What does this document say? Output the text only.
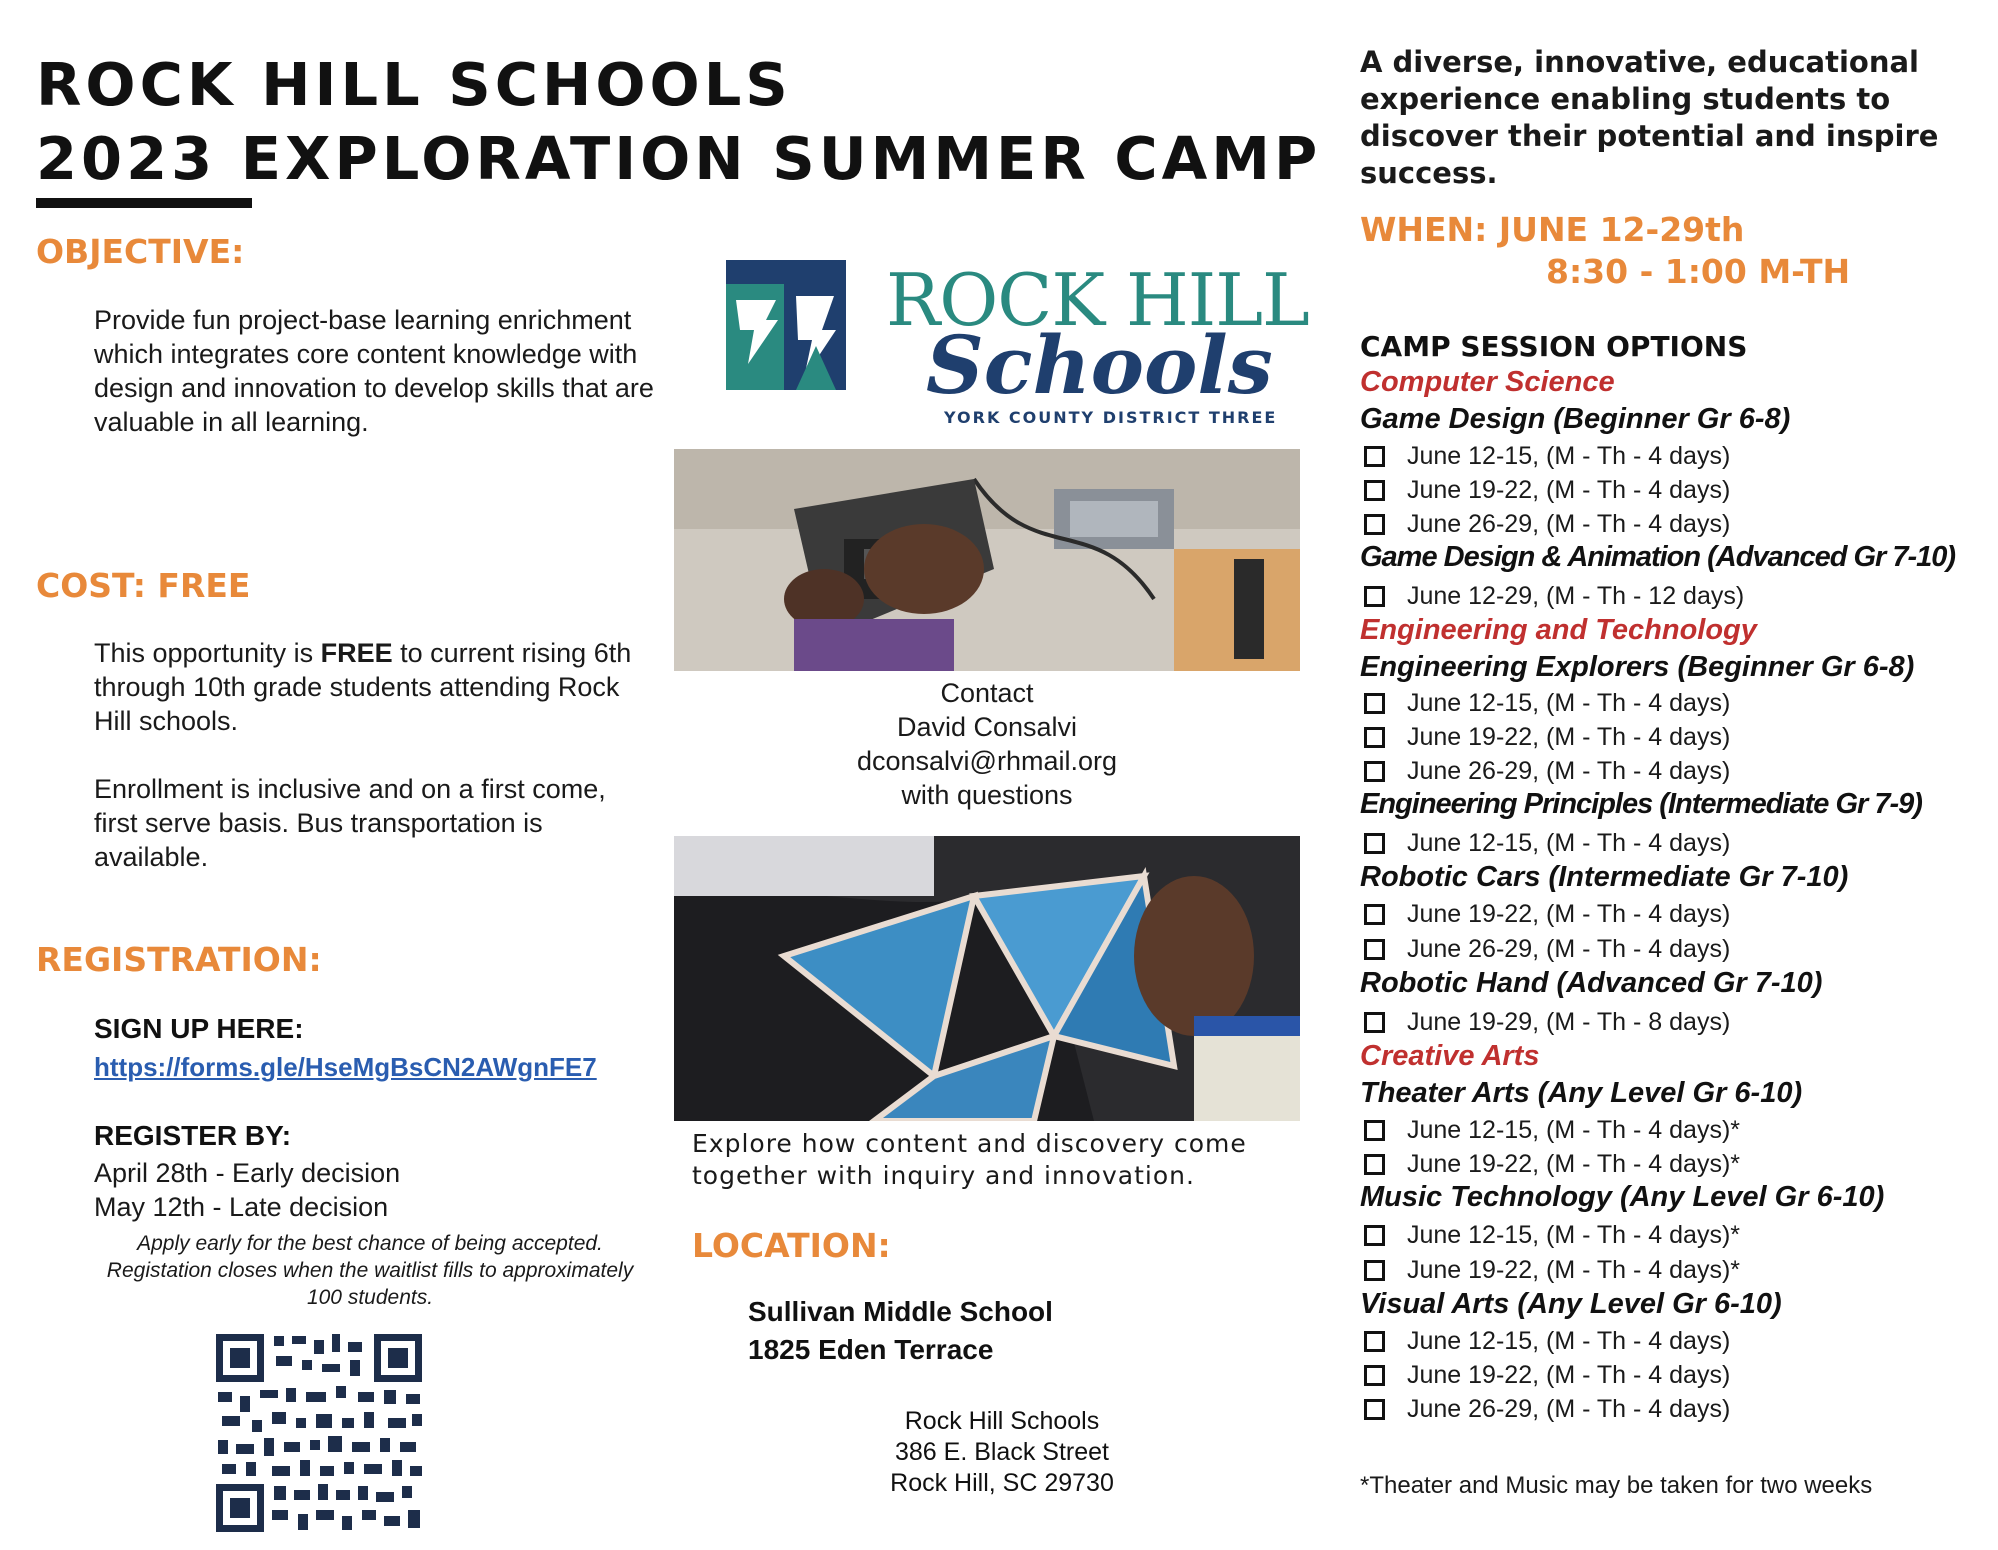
ROCK HILL SCHOOLS
2023 EXPLORATION SUMMER CAMP
OBJECTIVE:
Provide fun project-base learning enrichment which integrates core content knowledge with design and innovation to develop skills that are valuable in all learning.
COST: FREE
This opportunity is FREE to current rising 6th through 10th grade students attending Rock Hill schools.
Enrollment is inclusive and on a first come, first serve basis. Bus transportation is available.
REGISTRATION:
SIGN UP HERE:
https://forms.gle/HseMgBsCN2AWgnFE7
REGISTER BY:
April 28th - Early decision
May 12th - Late decision
Apply early for the best chance of being accepted. Registation closes when the waitlist fills to approximately 100 students.
ROCK HILL
Schools
YORK COUNTY DISTRICT THREE
Contact
David Consalvi
dconsalvi@rhmail.org
with questions
Explore how content and discovery come together with inquiry and innovation.
LOCATION:
Sullivan Middle School
1825 Eden Terrace
Rock Hill Schools
386 E. Black Street
Rock Hill, SC 29730
A diverse, innovative, educational experience enabling students to discover their potential and inspire success.
WHEN: JUNE 12-29th
8:30 - 1:00 M-TH
CAMP SESSION OPTIONS
Computer Science
Game Design (Beginner Gr 6-8)
June 12-15, (M - Th - 4 days)
June 19-22, (M - Th - 4 days)
June 26-29, (M - Th - 4 days)
Game Design & Animation (Advanced Gr 7-10)
June 12-29, (M - Th - 12 days)
Engineering and Technology
Engineering Explorers (Beginner Gr 6-8)
June 12-15, (M - Th - 4 days)
June 19-22, (M - Th - 4 days)
June 26-29, (M - Th - 4 days)
Engineering Principles (Intermediate Gr 7-9)
June 12-15, (M - Th - 4 days)
Robotic Cars (Intermediate Gr 7-10)
June 19-22, (M - Th - 4 days)
June 26-29, (M - Th - 4 days)
Robotic Hand (Advanced Gr 7-10)
June 19-29, (M - Th - 8 days)
Creative Arts
Theater Arts (Any Level Gr 6-10)
June 12-15, (M - Th - 4 days)*
June 19-22, (M - Th - 4 days)*
Music Technology (Any Level Gr 6-10)
June 12-15, (M - Th - 4 days)*
June 19-22, (M - Th - 4 days)*
Visual Arts (Any Level Gr 6-10)
June 12-15, (M - Th - 4 days)
June 19-22, (M - Th - 4 days)
June 26-29, (M - Th - 4 days)
*Theater and Music may be taken for two weeks
